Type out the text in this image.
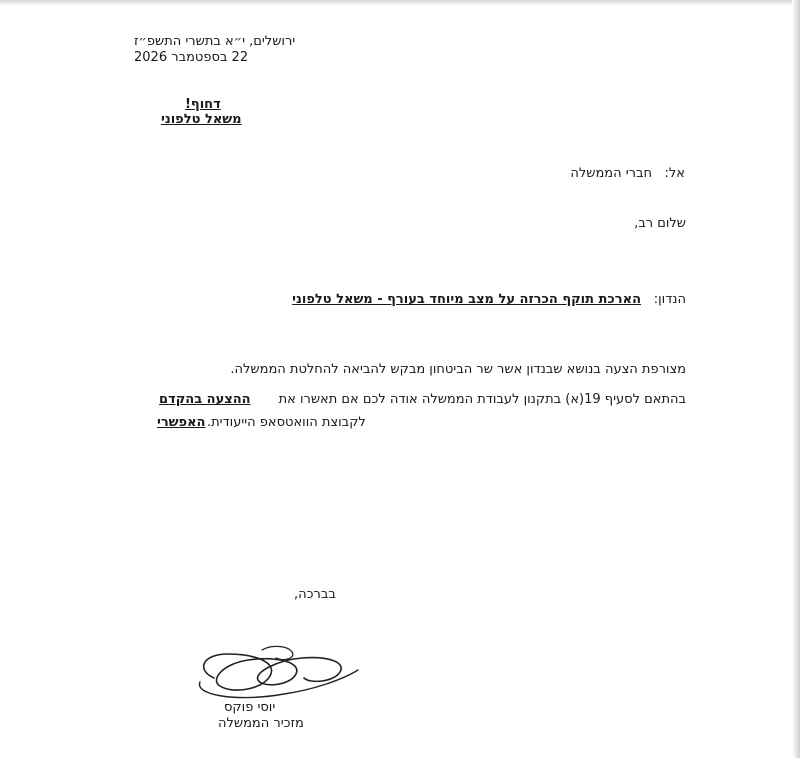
ירושלים, י״א בתשרי התשפ״ז
22 בספטמבר 2026
דחוף!
משאל טלפוני
אל:
חברי הממשלה
שלום רב,
הנדון:
הארכת תוקף הכרזה על מצב מיוחד בעורף - משאל טלפוני
מצורפת הצעה בנושא שבנדון אשר שר הביטחון מבקש להביאה להחלטת הממשלה.
בהתאם לסעיף 19(א) בתקנון לעבודת הממשלה אודה לכם אם תאשרו את
ההצעה בהקדם
האפשרי לקבוצת הוואטסאפ הייעודית.
בברכה,
יוסי פוקס
מזכיר הממשלה
